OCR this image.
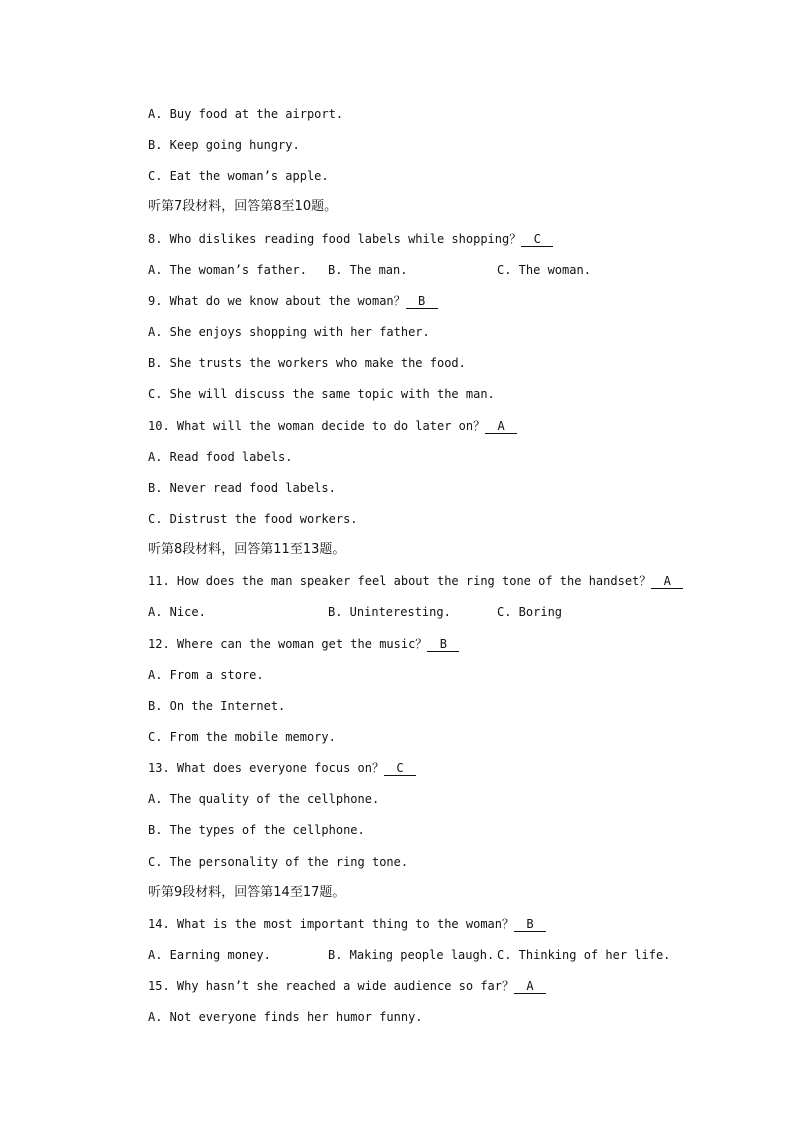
A. Buy food at the airport.
B. Keep going hungry.
C. Eat the woman’s apple.
听第7段材料，回答第8至10题。
8. Who dislikes reading food labels while shopping？ C
A. The woman’s father. B. The man.	C. The woman.
9. What do we know about the woman？ B
A. She enjoys shopping with her father.
B. She trusts the workers who make the food.
C. She will discuss the same topic with the man.
10. What will the woman decide to do later on？ A
A. Read food labels.
B. Never read food labels.
C. Distrust the food workers.
听第8段材料，回答第11至13题。
11. How does the man speaker feel about the ring tone of the handset？ A
A. Nice.	B. Uninteresting.	C. Boring
12. Where can the woman get the music？ B
A. From a store.
B. On the Internet.
C. From the mobile memory.
13. What does everyone focus on？ C
A. The quality of the cellphone.
B. The types of the cellphone.
C. The personality of the ring tone.
听第9段材料，回答第14至17题。
14. What is the most important thing to the woman？ B
A. Earning money.	B. Making people laugh. C. Thinking of her life.
15. Why hasn’t she reached a wide audience so far？ A
A. Not everyone finds her humor funny.
